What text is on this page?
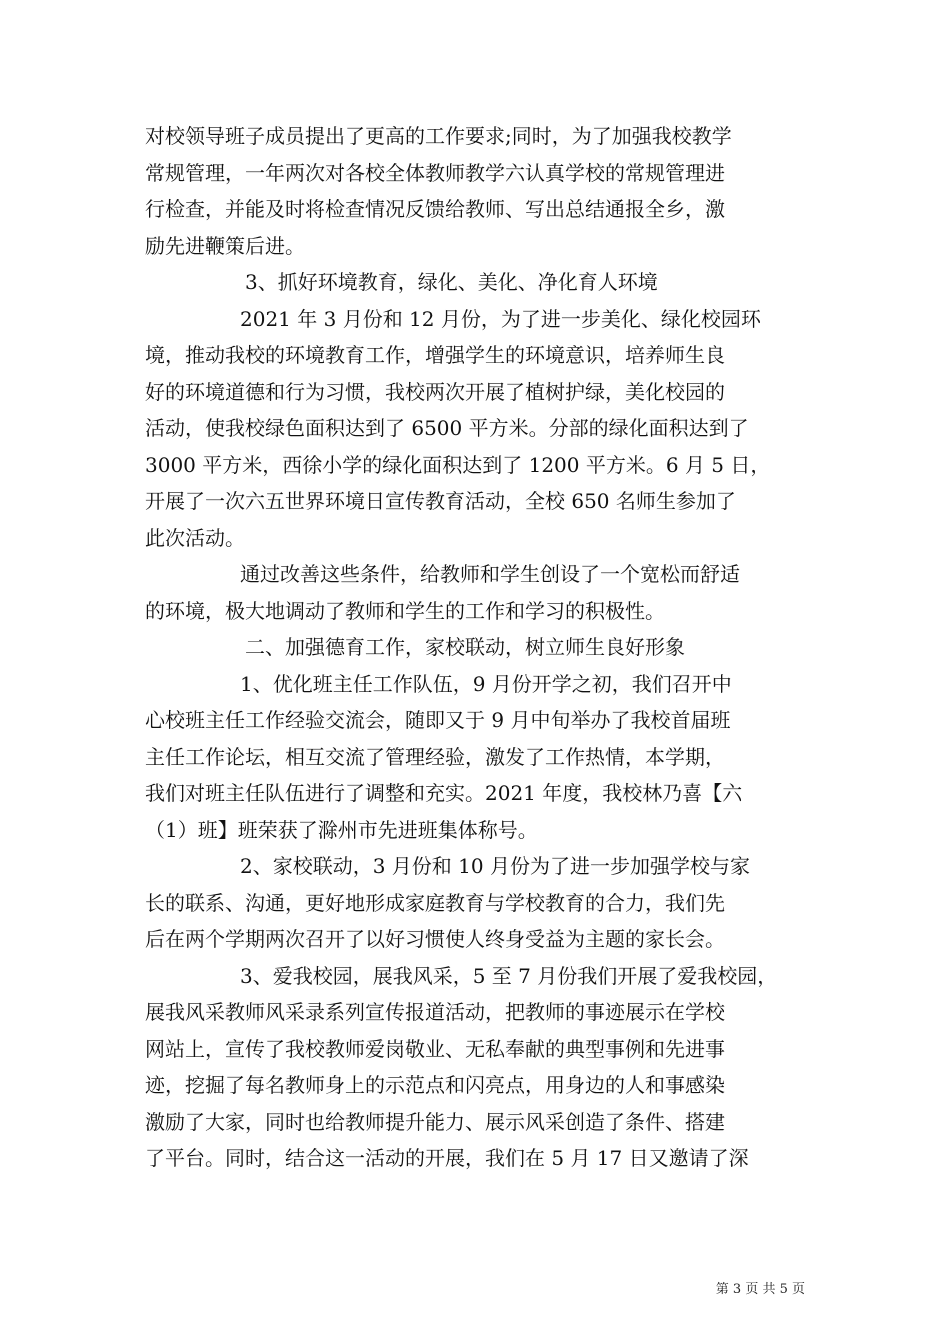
对校领导班子成员提出了更高的工作要求;同时，为了加强我校教学
常规管理，一年两次对各校全体教师教学六认真学校的常规管理进
行检查，并能及时将检查情况反馈给教师、写出总结通报全乡，激
励先进鞭策后进。
3、抓好环境教育，绿化、美化、净化育人环境
2021 年 3 月份和 12 月份，为了进一步美化、绿化校园环
境，推动我校的环境教育工作，增强学生的环境意识，培养师生良
好的环境道德和行为习惯，我校两次开展了植树护绿，美化校园的
活动，使我校绿色面积达到了 6500 平方米。分部的绿化面积达到了
3000 平方米，西徐小学的绿化面积达到了 1200 平方米。6 月 5 日，
开展了一次六五世界环境日宣传教育活动，全校 650 名师生参加了
此次活动。
通过改善这些条件，给教师和学生创设了一个宽松而舒适
的环境，极大地调动了教师和学生的工作和学习的积极性。
二、加强德育工作，家校联动，树立师生良好形象
1、优化班主任工作队伍，9 月份开学之初，我们召开中
心校班主任工作经验交流会，随即又于 9 月中旬举办了我校首届班
主任工作论坛，相互交流了管理经验，激发了工作热情，本学期，
我们对班主任队伍进行了调整和充实。2021 年度，我校林乃喜【六
（1）班】班荣获了滁州市先进班集体称号。
2、家校联动，3 月份和 10 月份为了进一步加强学校与家
长的联系、沟通，更好地形成家庭教育与学校教育的合力，我们先
后在两个学期两次召开了以好习惯使人终身受益为主题的家长会。
3、爱我校园，展我风采，5 至 7 月份我们开展了爱我校园，
展我风采教师风采录系列宣传报道活动，把教师的事迹展示在学校
网站上，宣传了我校教师爱岗敬业、无私奉献的典型事例和先进事
迹，挖掘了每名教师身上的示范点和闪亮点，用身边的人和事感染
激励了大家，同时也给教师提升能力、展示风采创造了条件、搭建
了平台。同时，结合这一活动的开展，我们在 5 月 17 日又邀请了深
第 3 页 共 5 页
